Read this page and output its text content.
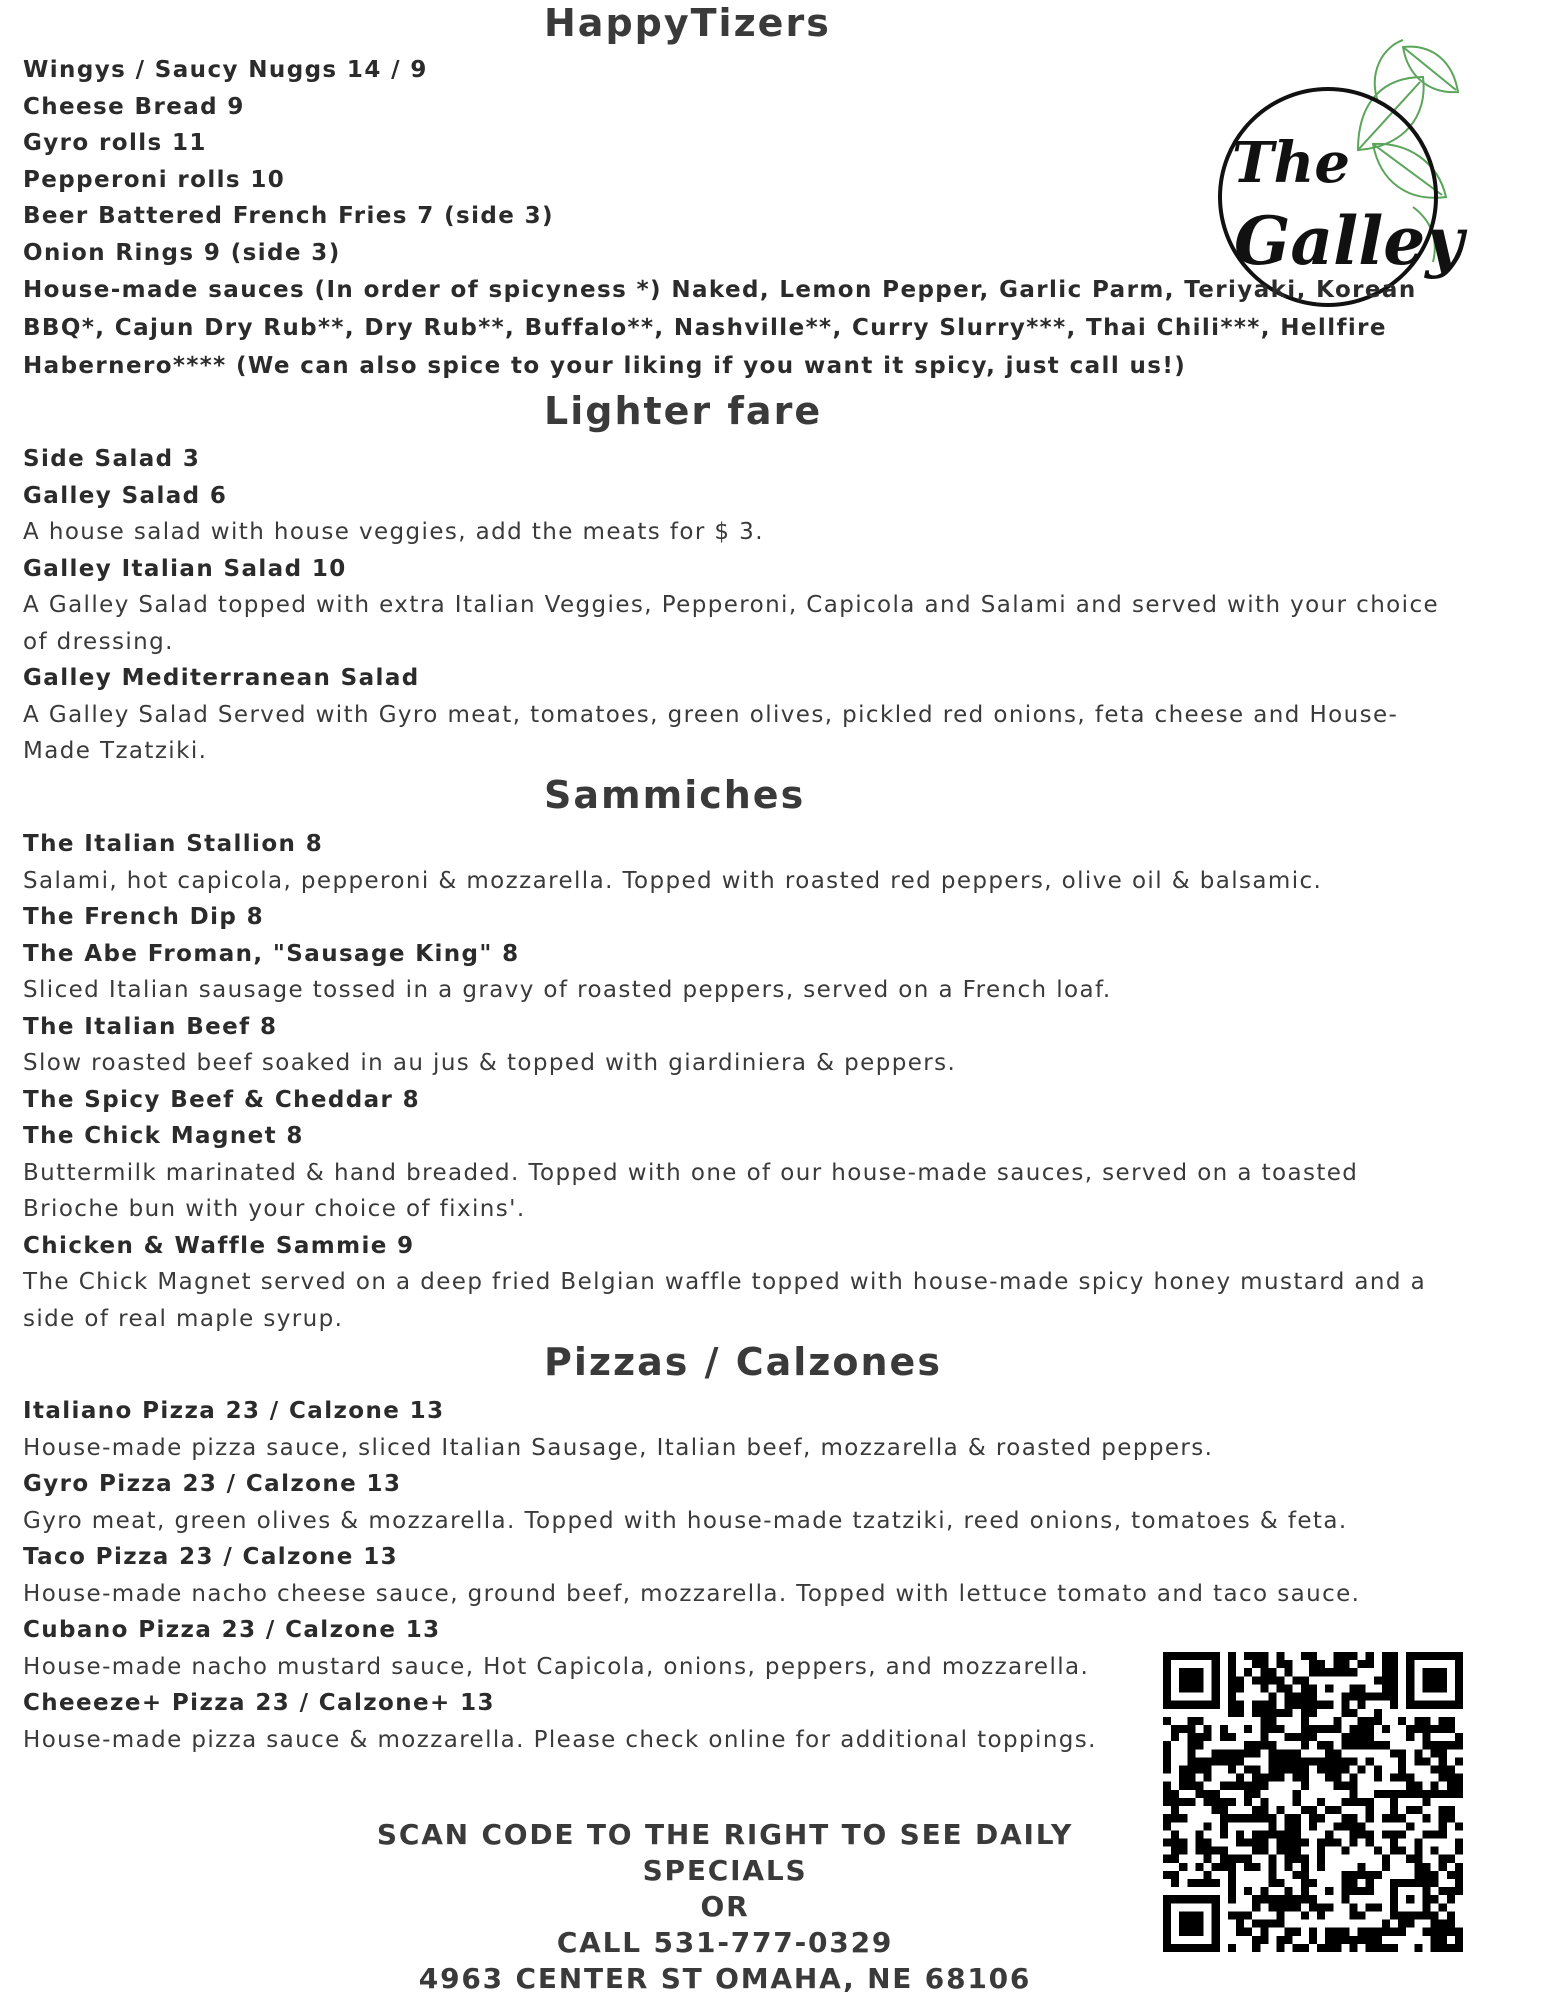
The
Galley
HappyTizers
Wingys / Saucy Nuggs 14 / 9
Cheese Bread 9
Gyro rolls 11
Pepperoni rolls 10
Beer Battered French Fries 7 (side 3)
Onion Rings 9 (side 3)
House-made sauces (In order of spicyness *) Naked, Lemon Pepper, Garlic Parm, Teriyaki, Korean BBQ*, Cajun Dry Rub**, Dry Rub**, Buffalo**, Nashville**, Curry Slurry***, Thai Chili***, Hellfire Habernero**** (We can also spice to your liking if you want it spicy, just call us!)
Lighter fare
Side Salad 3
Galley Salad 6
A house salad with house veggies, add the meats for $ 3.
Galley Italian Salad 10
A Galley Salad topped with extra Italian Veggies, Pepperoni, Capicola and Salami and served with your choice of dressing.
Galley Mediterranean Salad
A Galley Salad Served with Gyro meat, tomatoes, green olives, pickled red onions, feta cheese and House-Made Tzatziki.
Sammiches
The Italian Stallion 8
Salami, hot capicola, pepperoni & mozzarella. Topped with roasted red peppers, olive oil & balsamic.
The French Dip 8
The Abe Froman, "Sausage King" 8
Sliced Italian sausage tossed in a gravy of roasted peppers, served on a French loaf.
The Italian Beef 8
Slow roasted beef soaked in au jus & topped with giardiniera & peppers.
The Spicy Beef & Cheddar 8
The Chick Magnet 8
Buttermilk marinated & hand breaded. Topped with one of our house-made sauces, served on a toasted Brioche bun with your choice of fixins'.
Chicken & Waffle Sammie 9
The Chick Magnet served on a deep fried Belgian waffle topped with house-made spicy honey mustard and a side of real maple syrup.
Pizzas / Calzones
Italiano Pizza 23 / Calzone 13
House-made pizza sauce, sliced Italian Sausage, Italian beef, mozzarella & roasted peppers.
Gyro Pizza 23 / Calzone 13
Gyro meat, green olives & mozzarella. Topped with house-made tzatziki, reed onions, tomatoes & feta.
Taco Pizza 23 / Calzone 13
House-made nacho cheese sauce, ground beef, mozzarella. Topped with lettuce tomato and taco sauce.
Cubano Pizza 23 / Calzone 13
House-made nacho mustard sauce, Hot Capicola, onions, peppers, and mozzarella.
Cheeeze+ Pizza 23 / Calzone+ 13
House-made pizza sauce & mozzarella. Please check online for additional toppings.
SCAN CODE TO THE RIGHT TO SEE DAILY SPECIALS
OR
CALL 531-777-0329
4963 CENTER ST OMAHA, NE 68106
